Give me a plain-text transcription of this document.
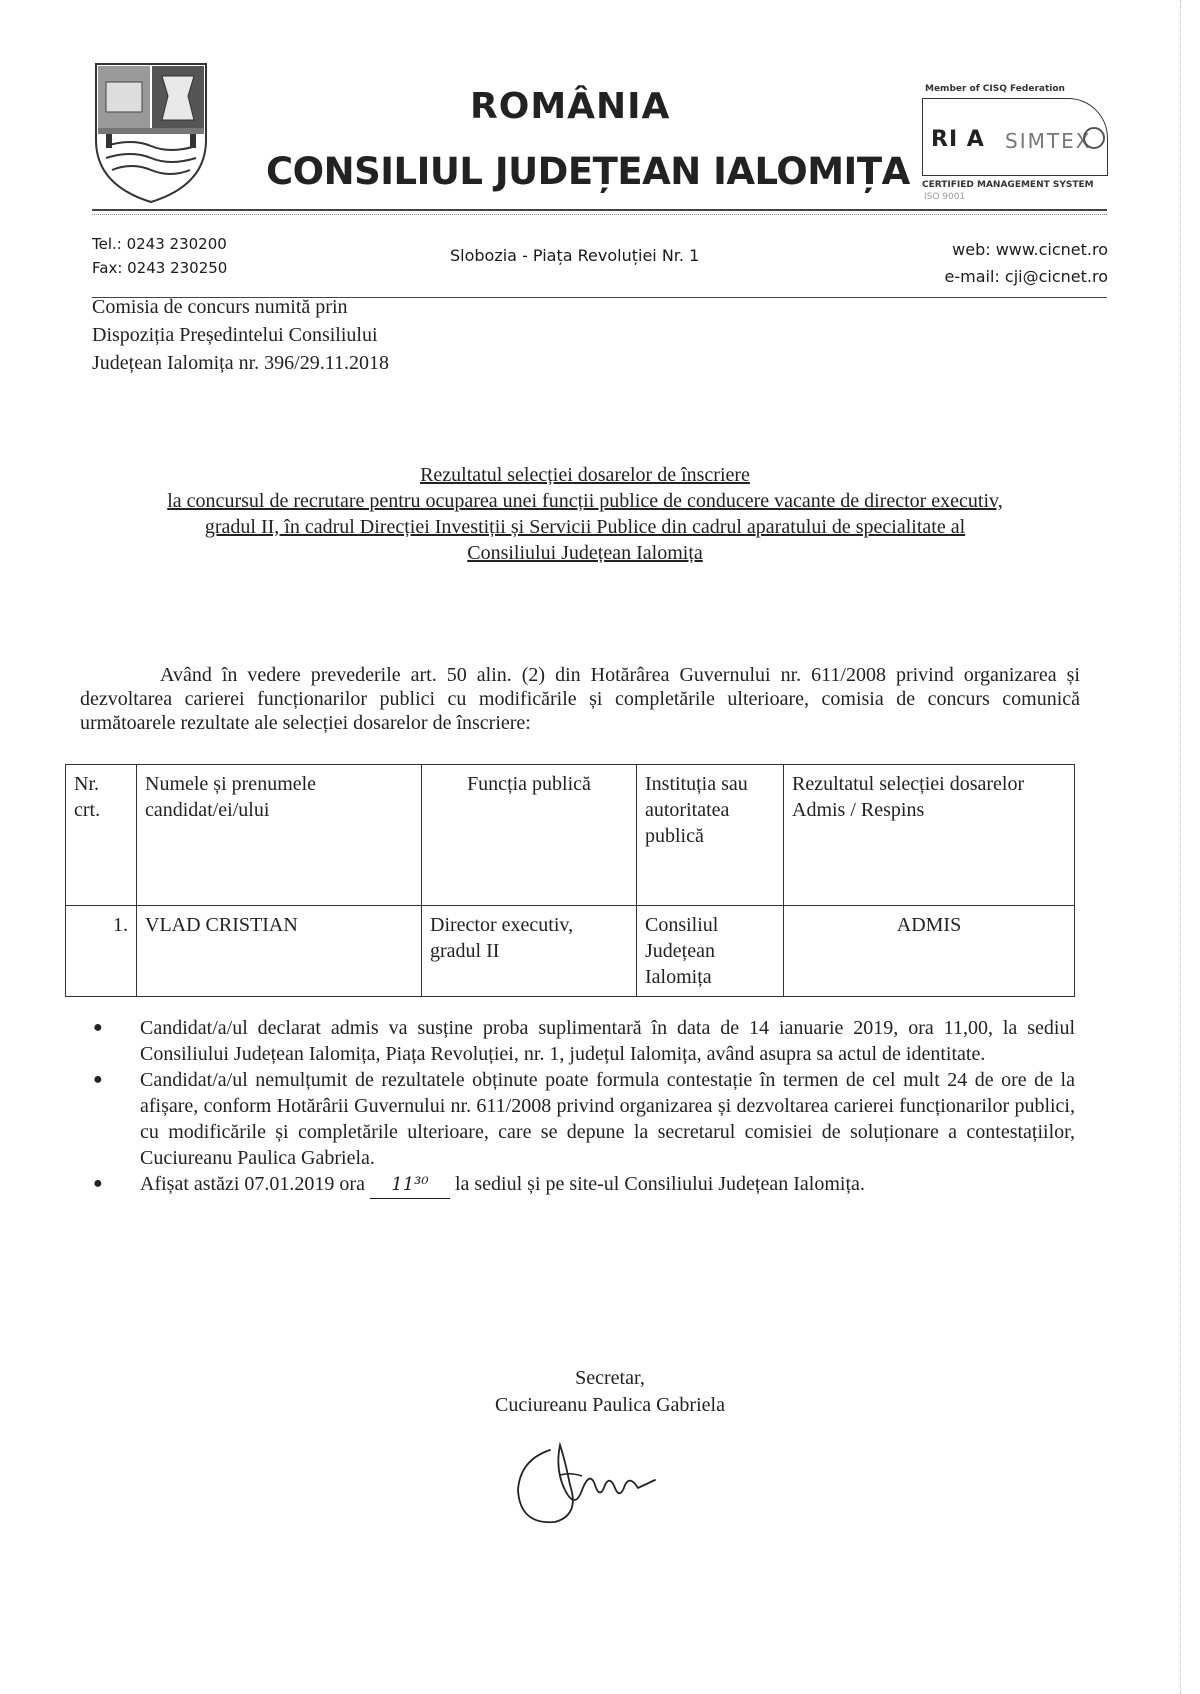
ROMÂNIA
CONSILIUL JUDEȚEAN IALOMIȚA
Member of CISQ Federation
RI A SIMTEX
CERTIFIED MANAGEMENT SYSTEM
ISO 9001
Tel.: 0243 230200
Fax: 0243 230250
Slobozia - Piața Revoluției Nr. 1	web: www.cicnet.ro
e-mail: cji@cicnet.ro
Comisia de concurs numită prin
Dispoziția Președintelui Consiliului
Județean Ialomița nr. 396/29.11.2018
Rezultatul selecției dosarelor de înscriere
la concursul de recrutare pentru ocuparea unei funcții publice de conducere vacante de director executiv,
gradul II, în cadrul Direcției Investiții și Servicii Publice din cadrul aparatului de specialitate al
Consiliului Județean Ialomița
Având în vedere prevederile art. 50 alin. (2) din Hotărârea Guvernului nr. 611/2008 privind organizarea și dezvoltarea carierei funcționarilor publici cu modificările și completările ulterioare, comisia de concurs comunică următoarele rezultate ale selecției dosarelor de înscriere:
Nr. crt.	Numele și prenumele candidat/ei/ului	Funcția publică	Instituția sau autoritatea publică	Rezultatul selecției dosarelor Admis / Respins
1.	VLAD CRISTIAN	Director executiv, gradul II	Consiliul Județean Ialomița	ADMIS
● Candidat/a/ul declarat admis va susține proba suplimentară în data de 14 ianuarie 2019, ora 11,00, la sediul Consiliului Județean Ialomița, Piața Revoluției, nr. 1, județul Ialomița, având asupra sa actul de identitate.
● Candidat/a/ul nemulțumit de rezultatele obținute poate formula contestație în termen de cel mult 24 de ore de la afișare, conform Hotărârii Guvernului nr. 611/2008 privind organizarea și dezvoltarea carierei funcționarilor publici, cu modificările și completările ulterioare, care se depune la secretarul comisiei de soluționare a contestațiilor, Cuciureanu Paulica Gabriela.
● Afișat astăzi 07.01.2019 ora 11³⁰ la sediul și pe site-ul Consiliului Județean Ialomița.
Secretar,
Cuciureanu Paulica Gabriela
